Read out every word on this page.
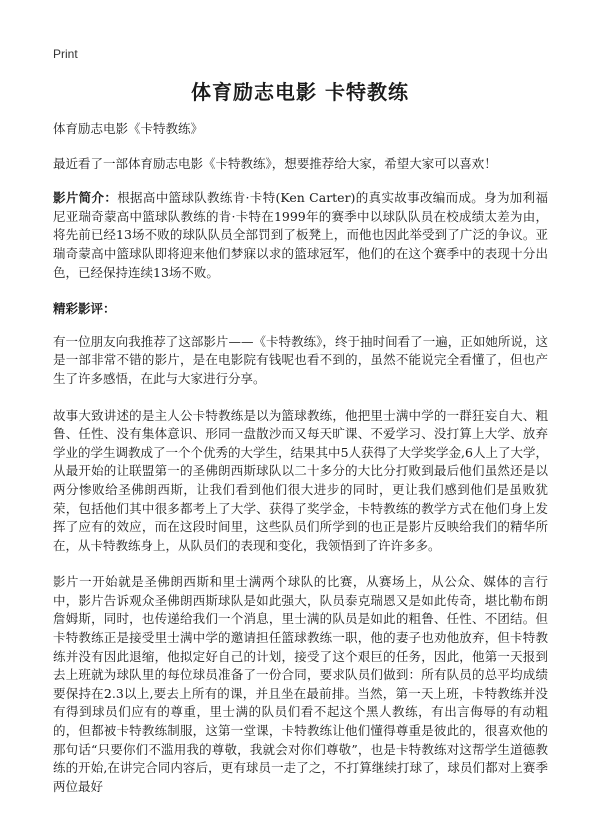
Print
体育励志电影 卡特教练

体育励志电影《卡特教练》

最近看了一部体育励志电影《卡特教练》，想要推荐给大家，希望大家可以喜欢！

影片简介：根据高中篮球队教练肯·卡特(Ken Carter)的真实故事改编而成。身为加利福尼亚瑞奇蒙高中篮球队教练的肯·卡特在1999年的赛季中以球队队员在校成绩太差为由，将先前已经13场不败的球队队员全部罚到了板凳上，而他也因此举受到了广泛的争议。亚瑞奇蒙高中篮球队即将迎来他们梦寐以求的篮球冠军，他们的在这个赛季中的表现十分出色，已经保持连续13场不败。

精彩影评：

有一位朋友向我推荐了这部影片——《卡特教练》，终于抽时间看了一遍，正如她所说，这是一部非常不错的影片，是在电影院有钱呢也看不到的，虽然不能说完全看懂了，但也产生了许多感悟，在此与大家进行分享。

故事大致讲述的是主人公卡特教练是以为篮球教练，他把里士满中学的一群狂妄自大、粗鲁、任性、没有集体意识、形同一盘散沙而又每天旷课、不爱学习、没打算上大学、放弃学业的学生调教成了一个个优秀的大学生，结果其中5人获得了大学奖学金,6人上了大学，从最开始的让联盟第一的圣佛朗西斯球队以二十多分的大比分打败到最后他们虽然还是以两分惨败给圣佛朗西斯，让我们看到他们很大进步的同时，更让我们感到他们是虽败犹荣，包括他们其中很多都考上了大学、获得了奖学金，卡特教练的教学方式在他们身上发挥了应有的效应，而在这段时间里，这些队员们所学到的也正是影片反映给我们的精华所在，从卡特教练身上，从队员们的表现和变化，我领悟到了许许多多。

影片一开始就是圣佛朗西斯和里士满两个球队的比赛，从赛场上，从公众、媒体的言行中，影片告诉观众圣佛朗西斯球队是如此强大，队员泰克瑞恩又是如此传奇，堪比勒布朗詹姆斯，同时，也传递给我们一个消息，里士满的队员是如此的粗鲁、任性、不团结。但卡特教练正是接受里士满中学的邀请担任篮球教练一职，他的妻子也劝他放弃，但卡特教练并没有因此退缩，他拟定好自己的计划，接受了这个艰巨的任务，因此，他第一天报到去上班就为球队里的每位球员准备了一份合同，要求队员们做到：所有队员的总平均成绩要保持在2.3以上,要去上所有的课，并且坐在最前排。当然，第一天上班，卡特教练并没有得到球员们应有的尊重，里士满的队员们看不起这个黑人教练，有出言侮辱的有动粗的，但都被卡特教练制服，这第一堂课，卡特教练让他们懂得尊重是彼此的，很喜欢他的那句话“只要你们不滥用我的尊敬，我就会对你们尊敬”，也是卡特教练对这帮学生道德教练的开始,在讲完合同内容后，更有球员一走了之，不打算继续打球了，球员们都对上赛季两位最好
